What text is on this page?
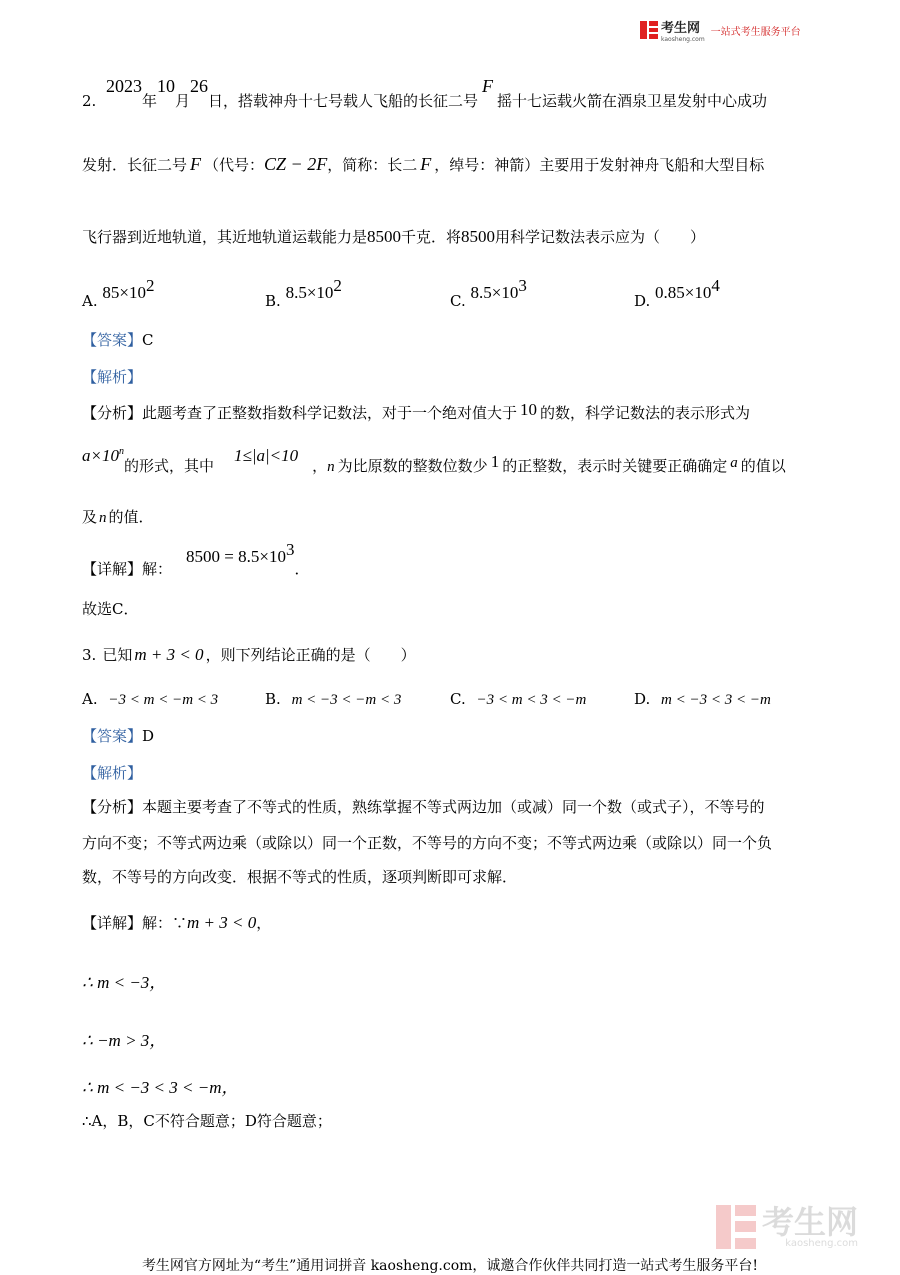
考生网
kaosheng.com
一站式考生服务平台
2.2023年10月26日，搭载神舟十七号载人飞船的长征二号F摇十七运载火箭在酒泉卫星发射中心成功
发射．长征二号 F （代号：CZ − 2F，简称：长二 F ，绰号：神箭）主要用于发射神舟飞船和大型目标
飞行器到近地轨道，其近地轨道运载能力是8500千克．将8500用科学记数法表示应为（　　）
A. $85\times 10^2$
B. $8.5\times 10^2$
C. $8.5\times 10^3$
D. $0.85\times 10^4$
【答案】C
【解析】
【分析】此题考查了正整数指数科学记数法，对于一个绝对值大于 10 的数，科学记数法的表示形式为
$a\times 10^n$的形式，其中1≤|a|<10，n 为比原数的整数位数少 1 的正整数，表示时关键要正确确定 a 的值以
及 n 的值．
【详解】解：$8500 = 8.5\times 10^3$．
故选C．
3. 已知 m + 3 < 0 ，则下列结论正确的是（　　）
A. −3 < m < −m < 3	B. m < −3 < −m < 3	C. −3 < m < 3 < −m	D. m < −3 < 3 < −m
【答案】D
【解析】
【分析】本题主要考查了不等式的性质，熟练掌握不等式两边加（或减）同一个数（或式子），不等号的
方向不变；不等式两边乘（或除以）同一个正数，不等号的方向不变；不等式两边乘（或除以）同一个负
数，不等号的方向改变．根据不等式的性质，逐项判断即可求解．
【详解】解：∵m + 3 < 0，
∴ m < −3，
∴ −m > 3，
∴ m < −3 < 3 < −m，
∴A，B，C不符合题意；D符合题意；
考生网
kaosheng.com
考生网官方网址为“考生”通用词拼音 kaosheng.com，诚邀合作伙伴共同打造一站式考生服务平台!
